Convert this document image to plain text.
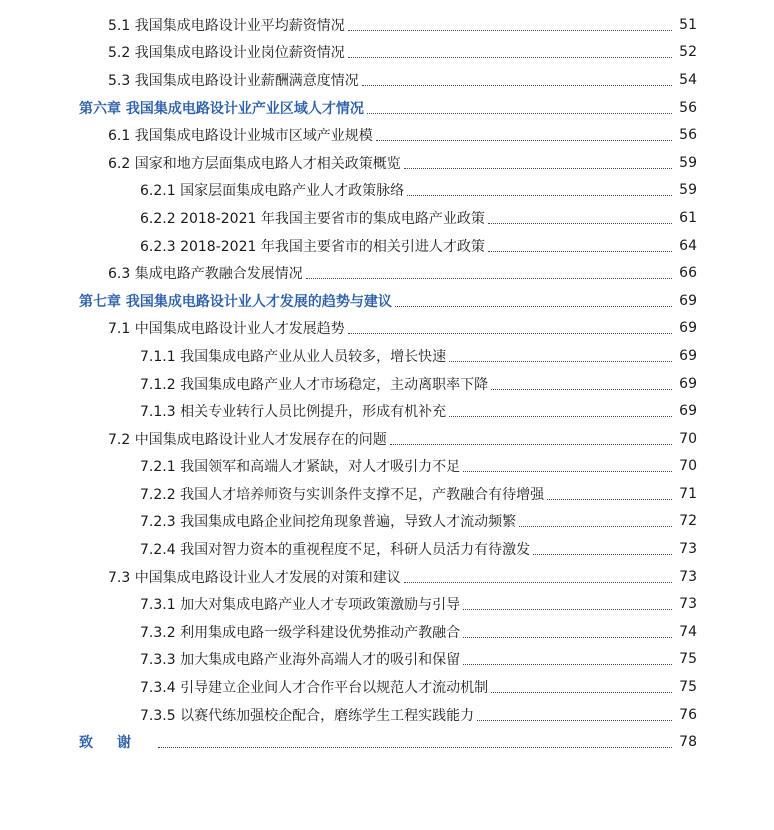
5.1 我国集成电路设计业平均薪资情况	51
5.2 我国集成电路设计业岗位薪资情况	52
5.3 我国集成电路设计业薪酬满意度情况	54
第六章 我国集成电路设计业产业区域人才情况	56
6.1 我国集成电路设计业城市区域产业规模	56
6.2 国家和地方层面集成电路人才相关政策概览	59
6.2.1 国家层面集成电路产业人才政策脉络	59
6.2.2 2018-2021 年我国主要省市的集成电路产业政策	61
6.2.3 2018-2021 年我国主要省市的相关引进人才政策	64
6.3 集成电路产教融合发展情况	66
第七章 我国集成电路设计业人才发展的趋势与建议	69
7.1 中国集成电路设计业人才发展趋势	69
7.1.1 我国集成电路产业从业人员较多，增长快速	69
7.1.2 我国集成电路产业人才市场稳定，主动离职率下降	69
7.1.3 相关专业转行人员比例提升，形成有机补充	69
7.2 中国集成电路设计业人才发展存在的问题	70
7.2.1 我国领军和高端人才紧缺，对人才吸引力不足	70
7.2.2 我国人才培养师资与实训条件支撑不足，产教融合有待增强	71
7.2.3 我国集成电路企业间挖角现象普遍，导致人才流动频繁	72
7.2.4 我国对智力资本的重视程度不足，科研人员活力有待激发	73
7.3 中国集成电路设计业人才发展的对策和建议	73
7.3.1 加大对集成电路产业人才专项政策激励与引导	73
7.3.2 利用集成电路一级学科建设优势推动产教融合	74
7.3.3 加大集成电路产业海外高端人才的吸引和保留	75
7.3.4 引导建立企业间人才合作平台以规范人才流动机制	75
7.3.5 以赛代练加强校企配合，磨练学生工程实践能力	76
致谢	78
